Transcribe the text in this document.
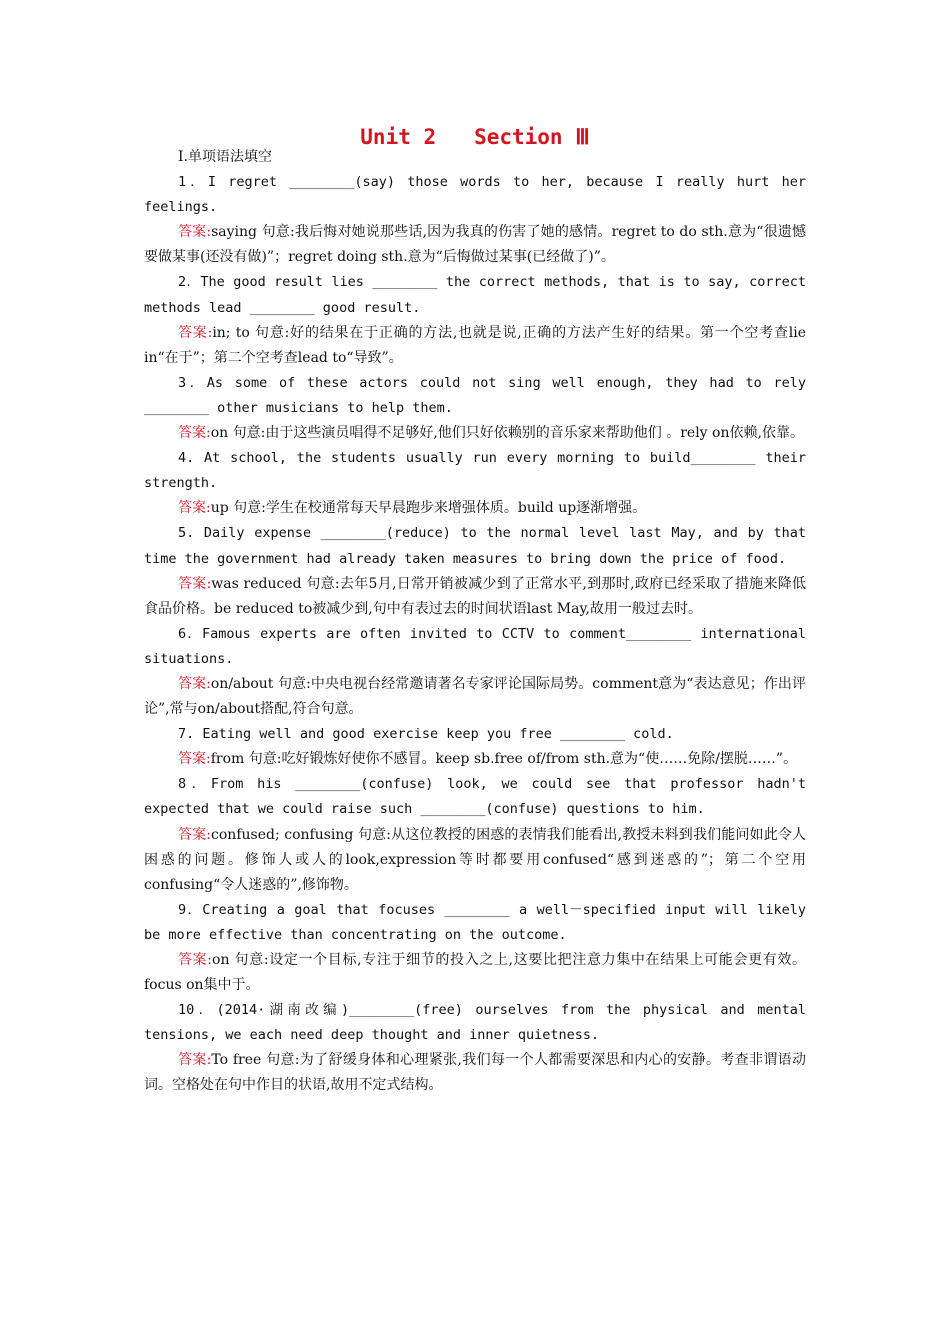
Unit 2   Section Ⅲ
Ⅰ.单项语法填空
1．I regret ________(say) those words to her, because I really hurt her feelings.
答案:saying 句意:我后悔对她说那些话,因为我真的伤害了她的感情。regret to do sth.意为“很遗憾要做某事(还没有做)”；regret doing sth.意为“后悔做过某事(已经做了)”。
2．The good result lies ________ the correct methods, that is to say, correct methods lead ________ good result.
答案:in; to 句意:好的结果在于正确的方法,也就是说,正确的方法产生好的结果。第一个空考查lie in“在于”；第二个空考查lead to“导致”。
3．As some of these actors could not sing well enough, they had to rely ________ other musicians to help them.
答案:on 句意:由于这些演员唱得不足够好,他们只好依赖别的音乐家来帮助他们 。rely on依赖,依靠。
4. At school, the students usually run every morning to build________ their strength.
答案:up 句意:学生在校通常每天早晨跑步来增强体质。build up逐渐增强。
5. Daily expense ________(reduce) to the normal level last May, and by that time the government had already taken measures to bring down the price of food.
答案:was reduced 句意:去年5月,日常开销被减少到了正常水平,到那时,政府已经采取了措施来降低食品价格。be reduced to被减少到,句中有表过去的时间状语last May,故用一般过去时。
6．Famous experts are often invited to CCTV to comment________ international situations.
答案:on/about 句意:中央电视台经常邀请著名专家评论国际局势。comment意为“表达意见；作出评论”,常与on/about搭配,符合句意。
7. Eating well and good exercise keep you free ________ cold.
答案:from 句意:吃好锻炼好使你不感冒。keep sb.free of/from sth.意为“使……免除/摆脱……”。
8．From his ________(confuse) look, we could see that professor hadn't expected that we could raise such ________(confuse) questions to him.
答案:confused; confusing 句意:从这位教授的困惑的表情我们能看出,教授未料到我们能问如此令人困惑的问题。修饰人或人的look,expression等时都要用confused“感到迷惑的”；第二个空用confusing“令人迷惑的”,修饰物。
9．Creating a goal that focuses ________ a well－specified input will likely be more effective than concentrating on the outcome.
答案:on 句意:设定一个目标,专注于细节的投入之上,这要比把注意力集中在结果上可能会更有效。focus on集中于。
10．(2014·湖南改编)________(free) ourselves from the physical and mental tensions, we each need deep thought and inner quietness.
答案:To free 句意:为了舒缓身体和心理紧张,我们每一个人都需要深思和内心的安静。考查非谓语动词。空格处在句中作目的状语,故用不定式结构。
